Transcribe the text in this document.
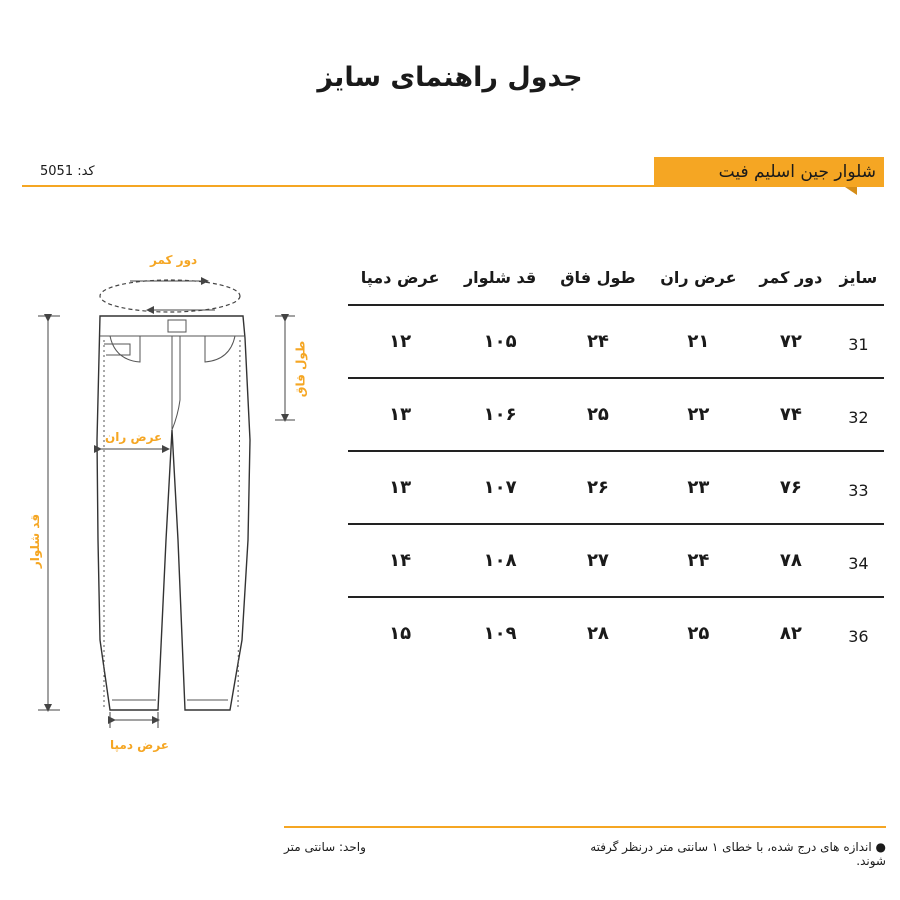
جدول راهنمای سایز
کد: 5051	شلوار جین اسلیم فیت
دور کمر
طول فاق
عرض ران
قد شلوار
عرض دمپا
سایز	دور کمر	عرض ران	طول فاق	قد شلوار	عرض دمپا
31	۷۲	۲۱	۲۴	۱۰۵	۱۲
32	۷۴	۲۲	۲۵	۱۰۶	۱۳
33	۷۶	۲۳	۲۶	۱۰۷	۱۳
34	۷۸	۲۴	۲۷	۱۰۸	۱۴
36	۸۲	۲۵	۲۸	۱۰۹	۱۵
واحد: سانتی متر	● اندازه های درج شده، با خطای ۱ سانتی متر درنظر گرفته شوند.
